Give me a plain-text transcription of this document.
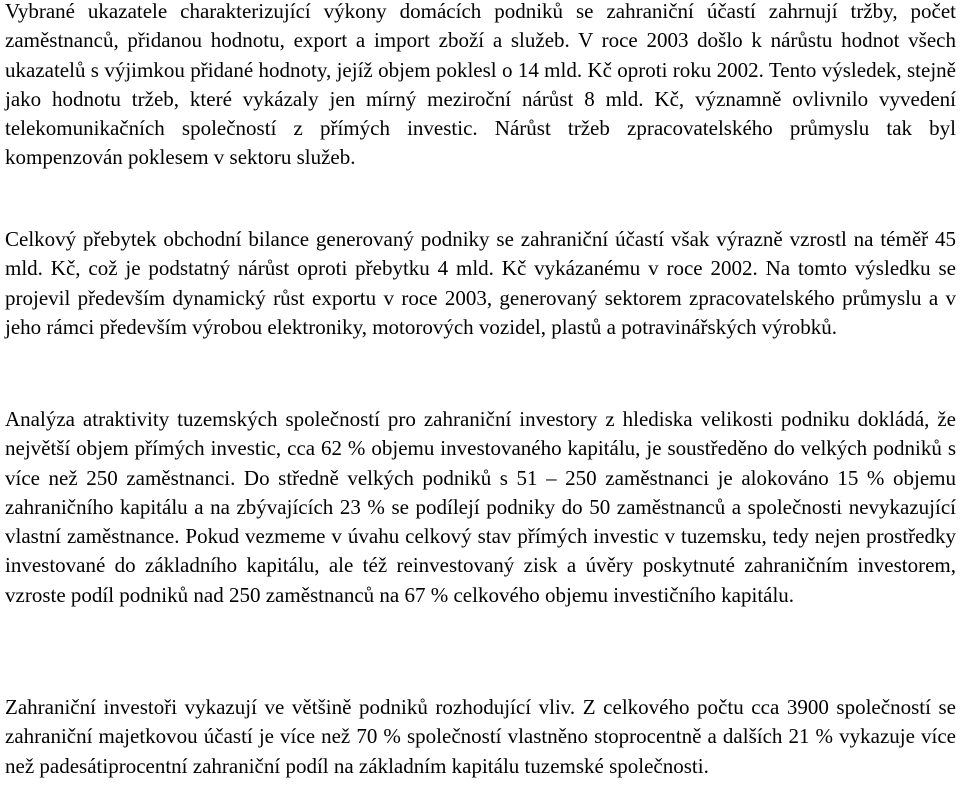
Vybrané ukazatele charakterizující výkony domácích podniků se zahraniční účastí zahrnují tržby, počet zaměstnanců, přidanou hodnotu, export a import zboží a služeb. V roce 2003 došlo k nárůstu hodnot všech ukazatelů s výjimkou přidané hodnoty, jejíž objem poklesl o 14 mld. Kč oproti roku 2002. Tento výsledek, stejně jako hodnotu tržeb, které vykázaly jen mírný meziroční nárůst 8 mld. Kč, významně ovlivnilo vyvedení telekomunikačních společností z přímých investic. Nárůst tržeb zpracovatelského průmyslu tak byl kompenzován poklesem v sektoru služeb.

Celkový přebytek obchodní bilance generovaný podniky se zahraniční účastí však výrazně vzrostl na téměř 45 mld. Kč, což je podstatný nárůst oproti přebytku 4 mld. Kč vykázanému v roce 2002. Na tomto výsledku se projevil především dynamický růst exportu v roce 2003, generovaný sektorem zpracovatelského průmyslu a v jeho rámci především výrobou elektroniky, motorových vozidel, plastů a potravinářských výrobků.

Analýza atraktivity tuzemských společností pro zahraniční investory z hlediska velikosti podniku dokládá, že největší objem přímých investic, cca 62 % objemu investovaného kapitálu, je soustředěno do velkých podniků s více než 250 zaměstnanci. Do středně velkých podniků s 51 – 250 zaměstnanci je alokováno 15 % objemu zahraničního kapitálu a na zbývajících 23 % se podílejí podniky do 50 zaměstnanců a společnosti nevykazující vlastní zaměstnance. Pokud vezmeme v úvahu celkový stav přímých investic v tuzemsku, tedy nejen prostředky investované do základního kapitálu, ale též reinvestovaný zisk a úvěry poskytnuté zahraničním investorem, vzroste podíl podniků nad 250 zaměstnanců na 67 % celkového objemu investičního kapitálu.

Zahraniční investoři vykazují ve většině podniků rozhodující vliv. Z celkového počtu cca 3900 společností se zahraniční majetkovou účastí je více než 70 % společností vlastněno stoprocentně a dalších 21 % vykazuje více než padesátiprocentní zahraniční podíl na základním kapitálu tuzemské společnosti.
